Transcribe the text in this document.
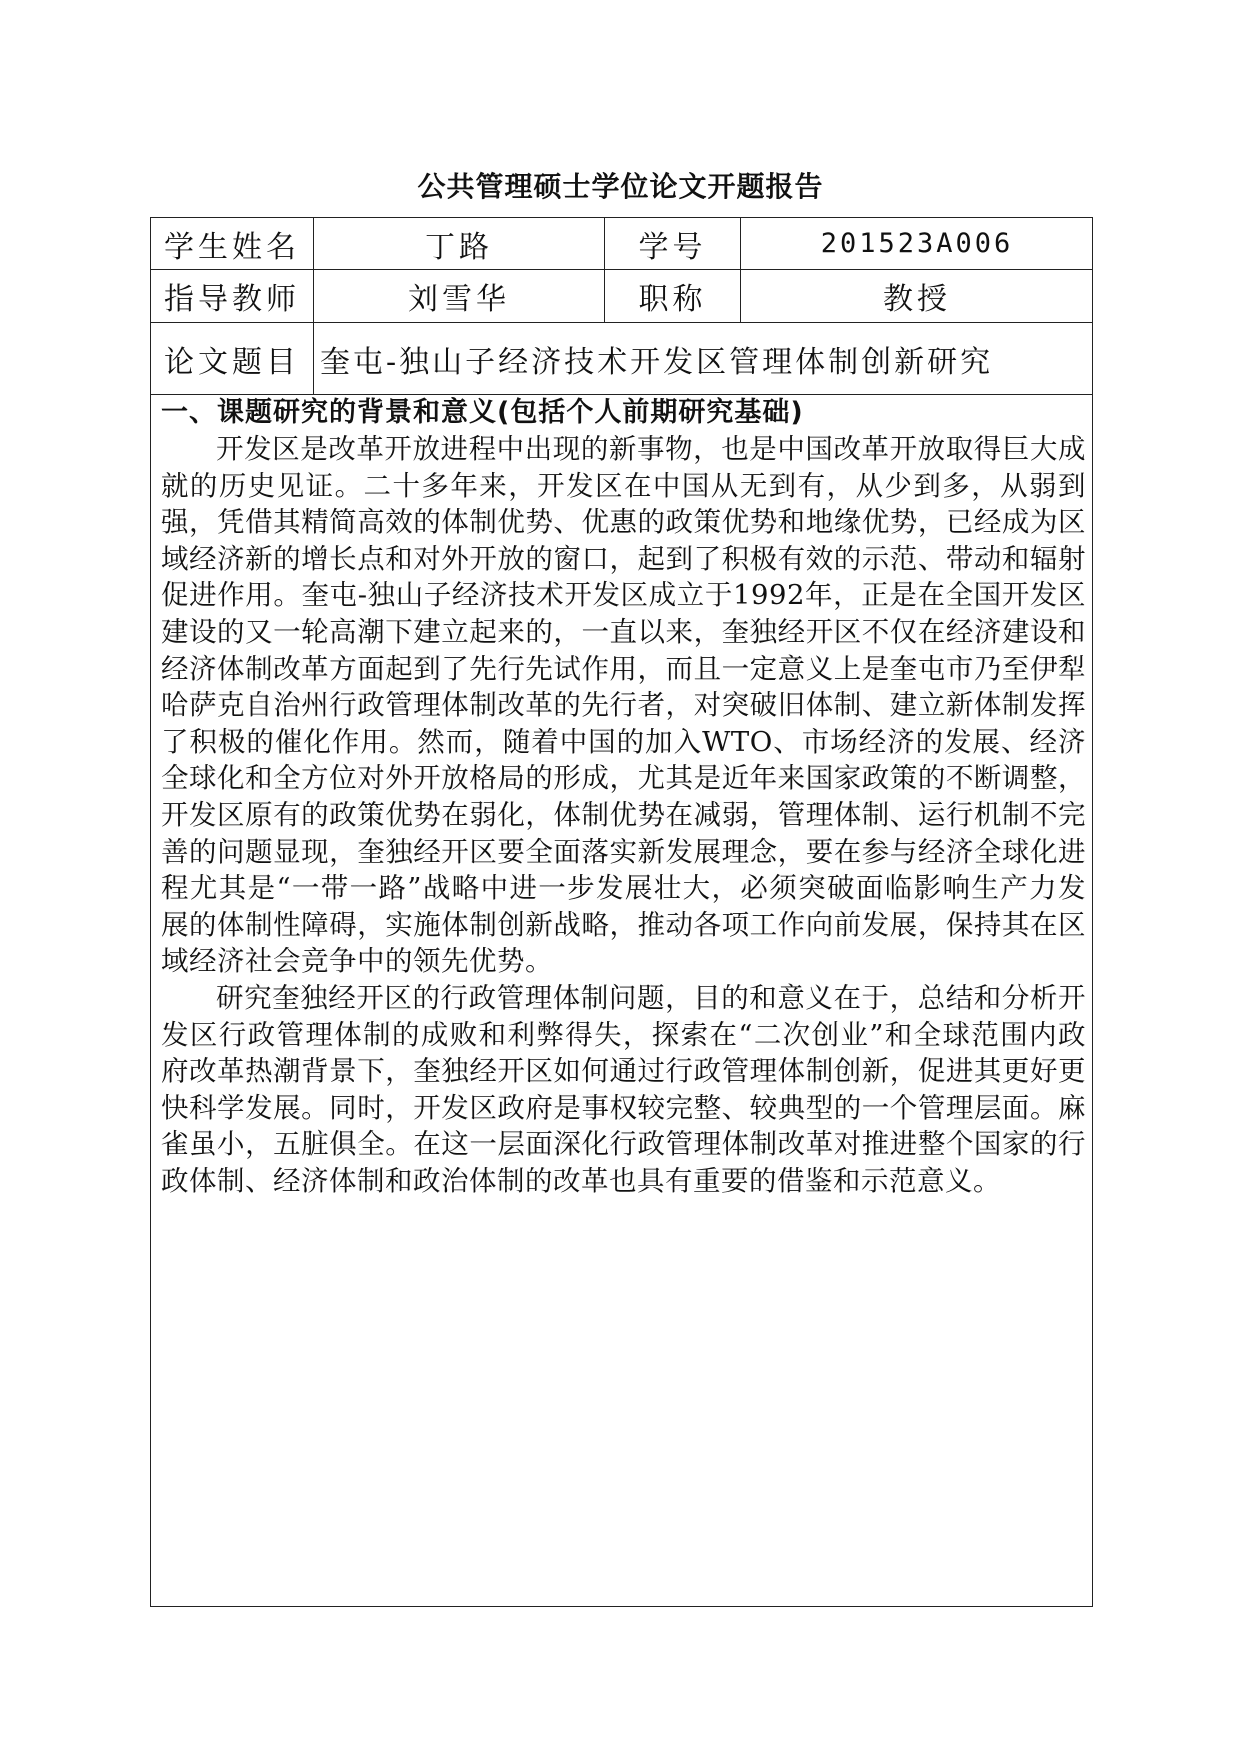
公共管理硕士学位论文开题报告
学生姓名	丁路	学号	201523A006
指导教师	刘雪华	职称	教授
论文题目 奎屯-独山子经济技术开发区管理体制创新研究
一、课题研究的背景和意义(包括个人前期研究基础)

开发区是改革开放进程中出现的新事物，也是中国改革开放取得巨大成就的历史见证。二十多年来，开发区在中国从无到有，从少到多，从弱到强，凭借其精简高效的体制优势、优惠的政策优势和地缘优势，已经成为区域经济新的增长点和对外开放的窗口，起到了积极有效的示范、带动和辐射促进作用。奎屯-独山子经济技术开发区成立于1992年，正是在全国开发区建设的又一轮高潮下建立起来的，一直以来，奎独经开区不仅在经济建设和经济体制改革方面起到了先行先试作用，而且一定意义上是奎屯市乃至伊犁哈萨克自治州行政管理体制改革的先行者，对突破旧体制、建立新体制发挥了积极的催化作用。然而，随着中国的加入WTO、市场经济的发展、经济全球化和全方位对外开放格局的形成，尤其是近年来国家政策的不断调整，开发区原有的政策优势在弱化，体制优势在减弱，管理体制、运行机制不完善的问题显现，奎独经开区要全面落实新发展理念，要在参与经济全球化进程尤其是“一带一路”战略中进一步发展壮大，必须突破面临影响生产力发展的体制性障碍，实施体制创新战略，推动各项工作向前发展，保持其在区域经济社会竞争中的领先优势。

研究奎独经开区的行政管理体制问题，目的和意义在于，总结和分析开发区行政管理体制的成败和利弊得失，探索在“二次创业”和全球范围内政府改革热潮背景下，奎独经开区如何通过行政管理体制创新，促进其更好更快科学发展。同时，开发区政府是事权较完整、较典型的一个管理层面。麻雀虽小，五脏俱全。在这一层面深化行政管理体制改革对推进整个国家的行政体制、经济体制和政治体制的改革也具有重要的借鉴和示范意义。
